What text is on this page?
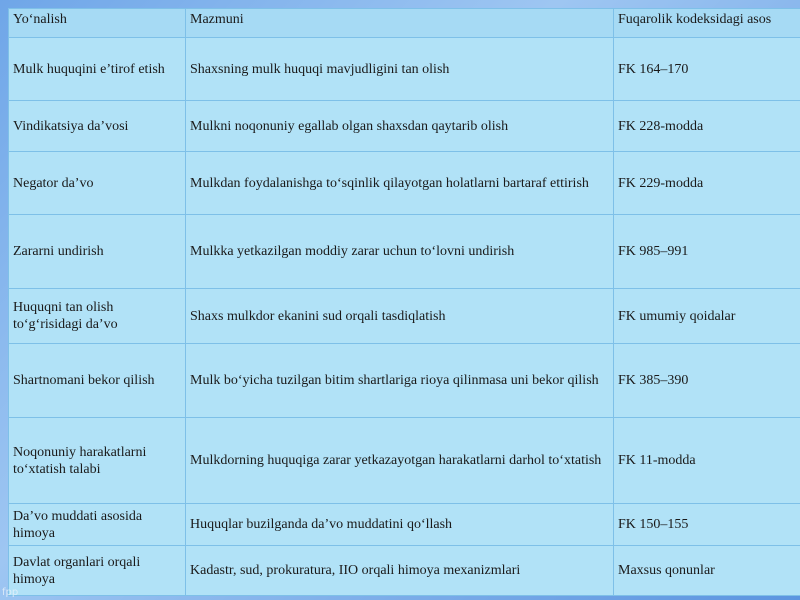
Yo‘nalish	Mazmuni	Fuqarolik kodeksidagi asos
Mulk huquqini e’tirof etish	Shaxsning mulk huquqi mavjudligini tan olish	FK 164–170
Vindikatsiya da’vosi	Mulkni noqonuniy egallab olgan shaxsdan qaytarib olish	FK 228-modda
Negator da’vo	Mulkdan foydalanishga to‘sqinlik qilayotgan holatlarni bartaraf ettirish	FK 229-modda
Zararni undirish	Mulkka yetkazilgan moddiy zarar uchun to‘lovni undirish	FK 985–991
Huquqni tan olish to‘g‘risidagi da’vo	Shaxs mulkdor ekanini sud orqali tasdiqlatish	FK umumiy qoidalar
Shartnomani bekor qilish	Mulk bo‘yicha tuzilgan bitim shartlariga rioya qilinmasa uni bekor qilish	FK 385–390
Noqonuniy harakatlarni to‘xtatish talabi	Mulkdorning huquqiga zarar yetkazayotgan harakatlarni darhol to‘xtatish	FK 11-modda
Da’vo muddati asosida himoya	Huquqlar buzilganda da’vo muddatini qo‘llash	FK 150–155
Davlat organlari orqali himoya	Kadastr, sud, prokuratura, IIO orqali himoya mexanizmlari	Maxsus qonunlar
fpp
